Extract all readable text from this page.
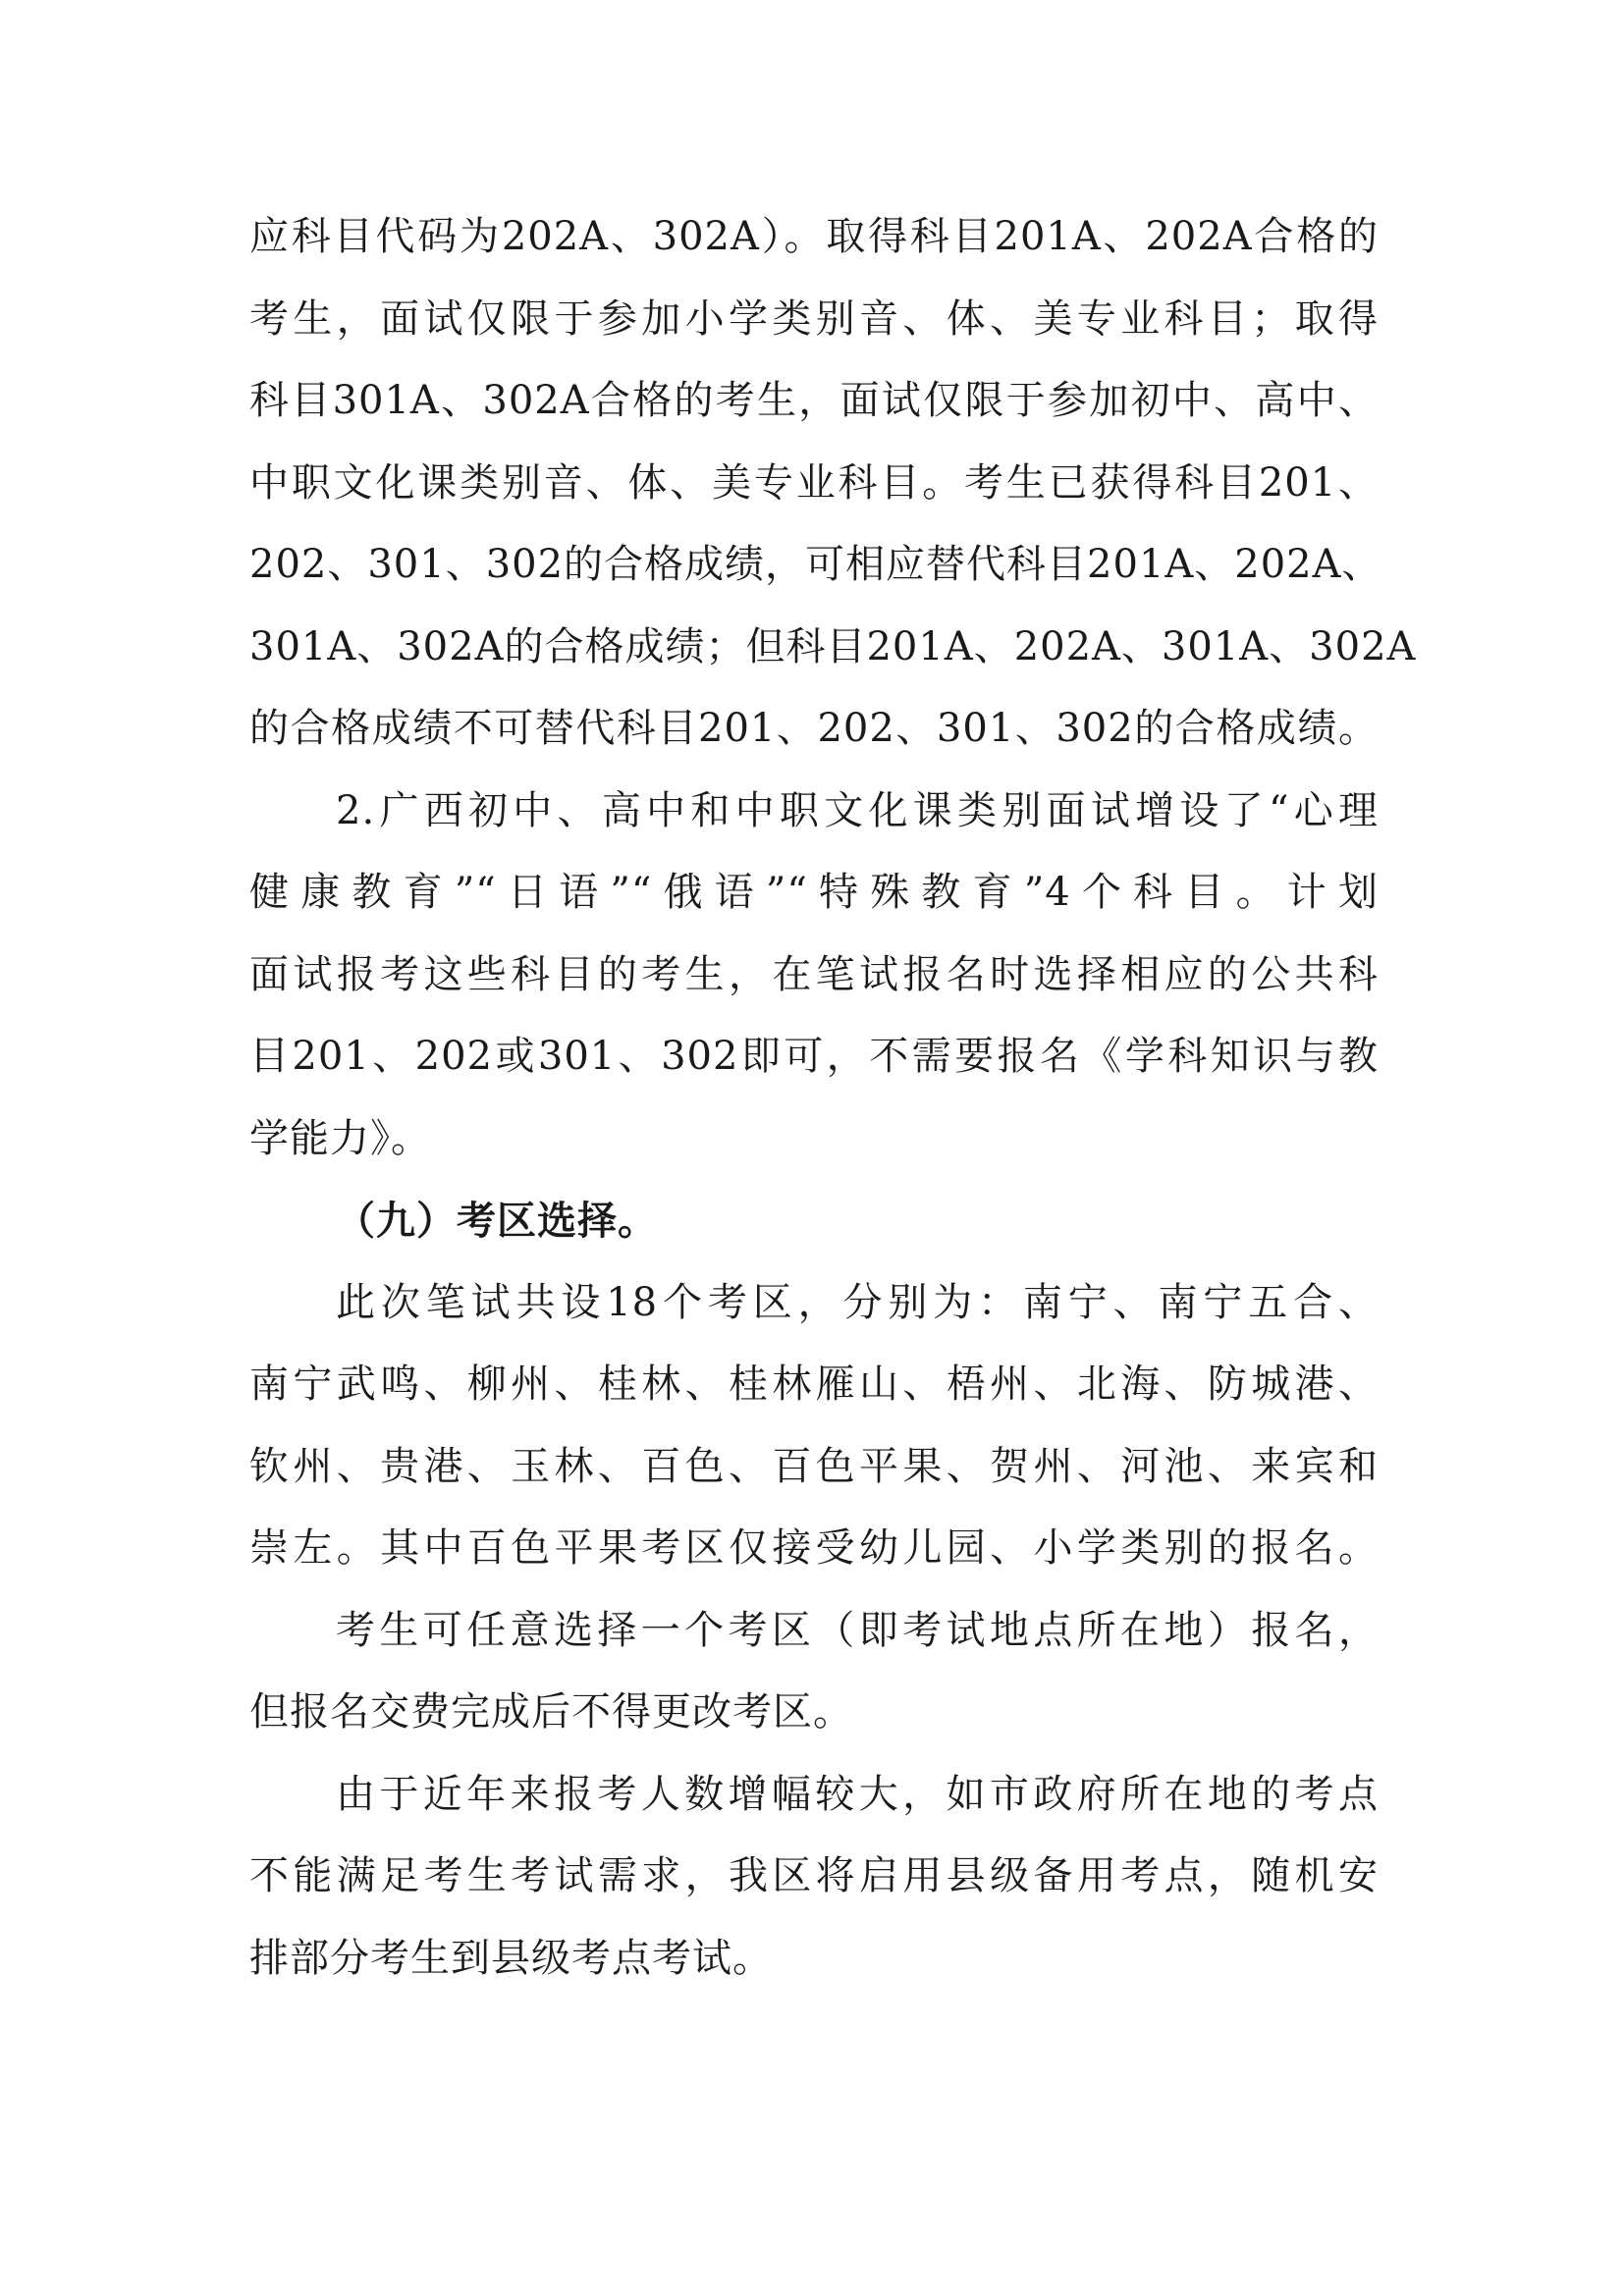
应科目代码为202A、302A）。取得科目201A、202A合格的
考生，面试仅限于参加小学类别音、体、美专业科目；取得
科目301A、302A合格的考生，面试仅限于参加初中、高中、
中职文化课类别音、体、美专业科目。考生已获得科目201、
202、301、302的合格成绩，可相应替代科目201A、202A、
301A、302A的合格成绩；但科目201A、202A、301A、302A
的合格成绩不可替代科目201、202、301、302的合格成绩。
2.广西初中、高中和中职文化课类别面试增设了“心理
健康教育”“日语”“俄语”“特殊教育”4个科目。计划
面试报考这些科目的考生，在笔试报名时选择相应的公共科
目201、202或301、302即可，不需要报名《学科知识与教
学能力》。
（九）考区选择。
此次笔试共设18个考区，分别为：南宁、南宁五合、
南宁武鸣、柳州、桂林、桂林雁山、梧州、北海、防城港、
钦州、贵港、玉林、百色、百色平果、贺州、河池、来宾和
崇左。其中百色平果考区仅接受幼儿园、小学类别的报名。
考生可任意选择一个考区（即考试地点所在地）报名，
但报名交费完成后不得更改考区。
由于近年来报考人数增幅较大，如市政府所在地的考点
不能满足考生考试需求，我区将启用县级备用考点，随机安
排部分考生到县级考点考试。
